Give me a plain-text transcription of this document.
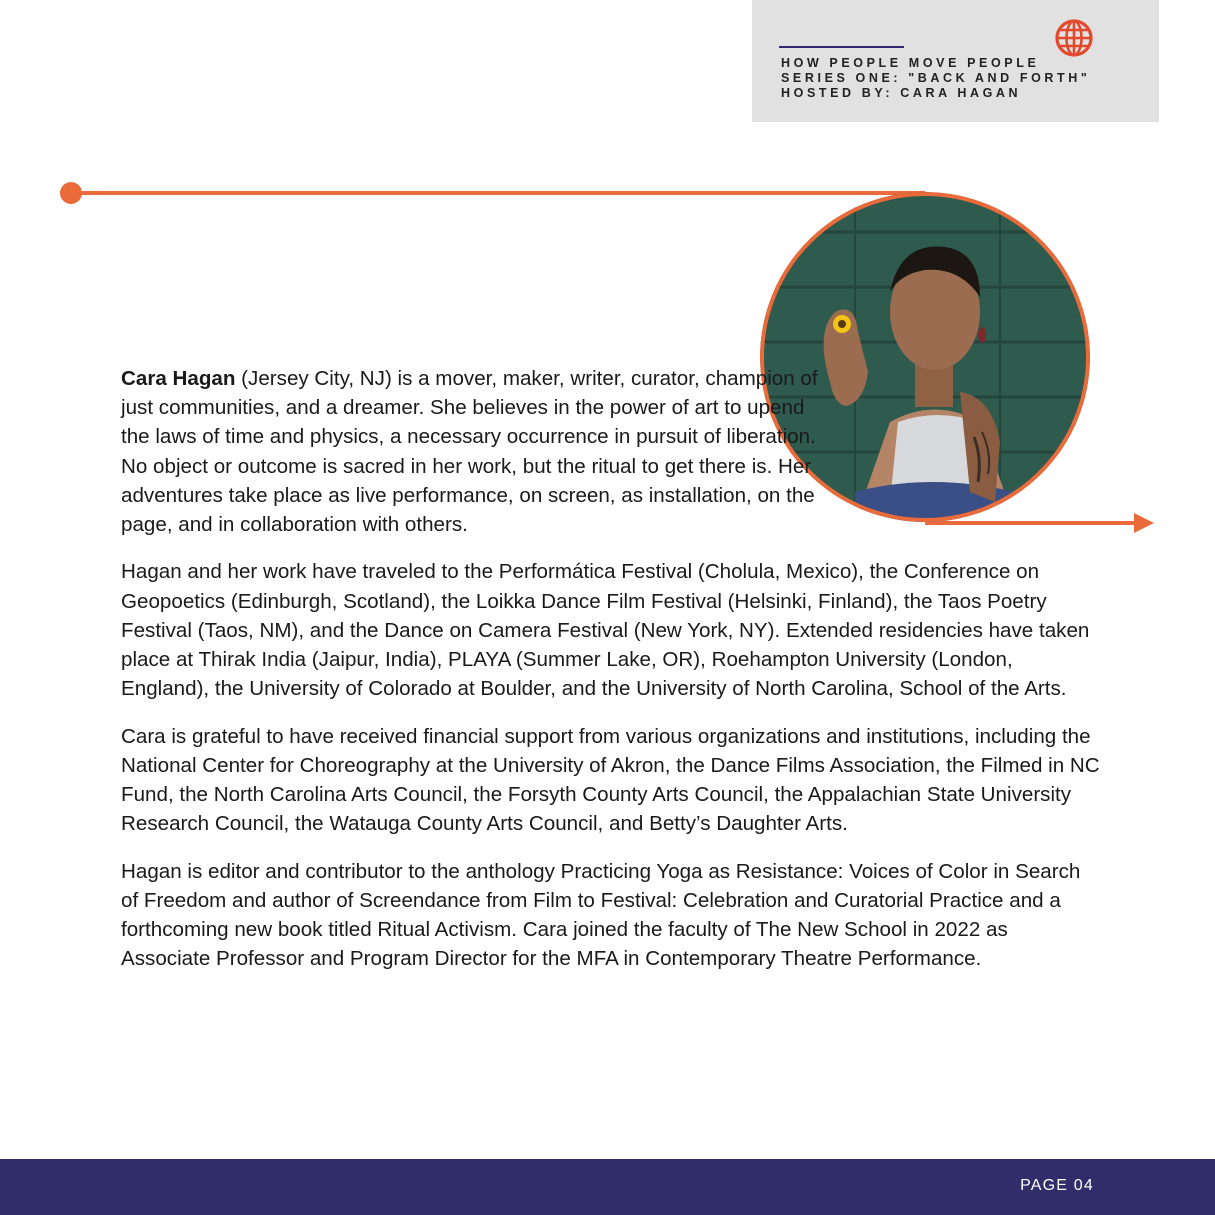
HOW PEOPLE MOVE PEOPLE
SERIES ONE: "BACK AND FORTH"
HOSTED BY: CARA HAGAN

Cara Hagan (Jersey City, NJ) is a mover, maker, writer, curator, champion of just communities, and a dreamer. She believes in the power of art to upend the laws of time and physics, a necessary occurrence in pursuit of liberation. No object or outcome is sacred in her work, but the ritual to get there is. Her adventures take place as live performance, on screen, as installation, on the page, and in collaboration with others.

Hagan and her work have traveled to the Performática Festival (Cholula, Mexico), the Conference on Geopoetics (Edinburgh, Scotland), the Loikka Dance Film Festival (Helsinki, Finland), the Taos Poetry Festival (Taos, NM), and the Dance on Camera Festival (New York, NY). Extended residencies have taken place at Thirak India (Jaipur, India), PLAYA (Summer Lake, OR), Roehampton University (London, England), the University of Colorado at Boulder, and the University of North Carolina, School of the Arts.

Cara is grateful to have received financial support from various organizations and institutions, including the National Center for Choreography at the University of Akron, the Dance Films Association, the Filmed in NC Fund, the North Carolina Arts Council, the Forsyth County Arts Council, the Appalachian State University Research Council, the Watauga County Arts Council, and Betty’s Daughter Arts.

Hagan is editor and contributor to the anthology Practicing Yoga as Resistance: Voices of Color in Search of Freedom and author of Screendance from Film to Festival: Celebration and Curatorial Practice and a forthcoming new book titled Ritual Activism. Cara joined the faculty of The New School in 2022 as Associate Professor and Program Director for the MFA in Contemporary Theatre Performance.

PAGE 04
